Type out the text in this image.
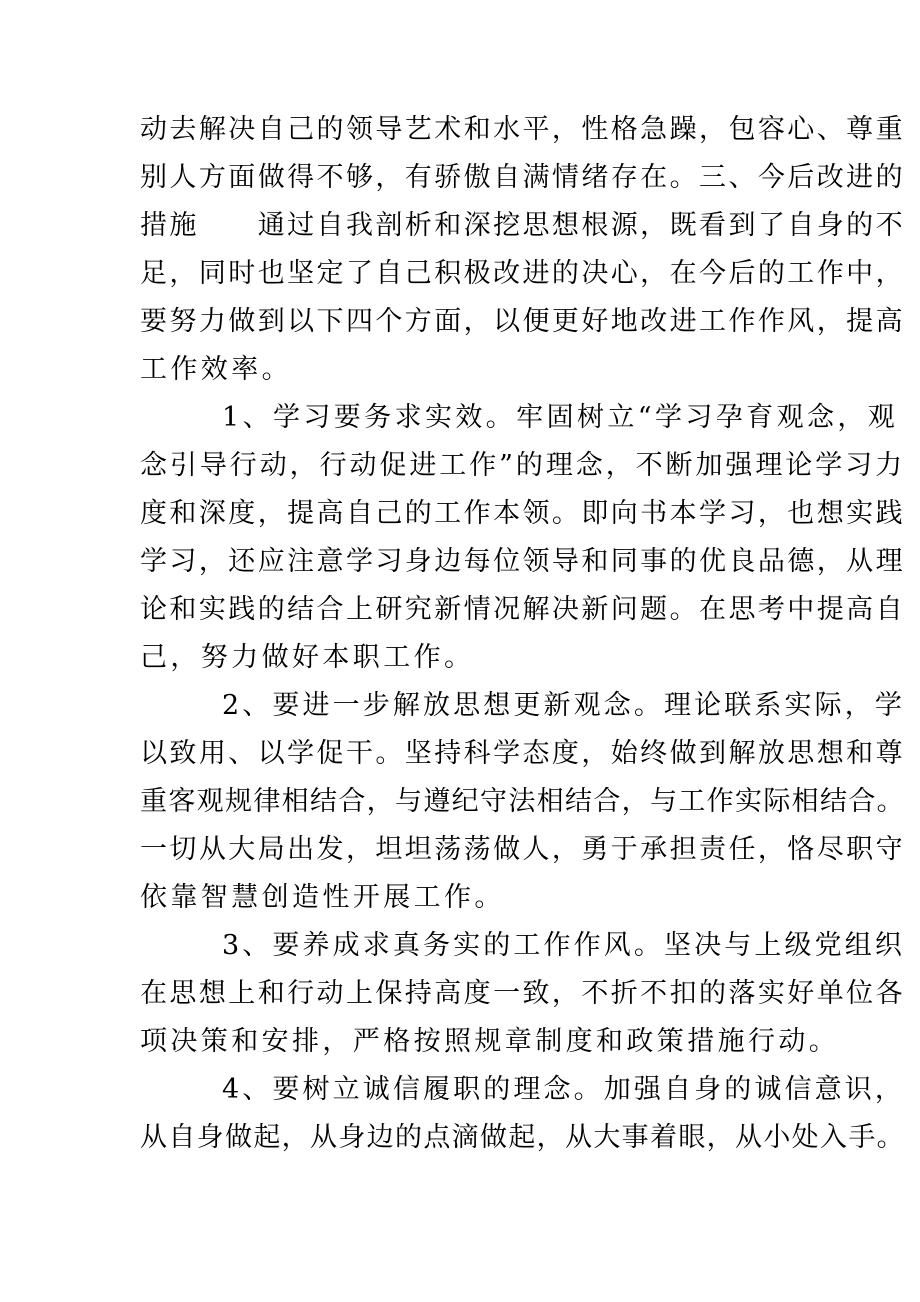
动去解决自己的领导艺术和水平，性格急躁，包容心、尊重
别人方面做得不够，有骄傲自满情绪存在。三、今后改进的
措施　　通过自我剖析和深挖思想根源，既看到了自身的不
足，同时也坚定了自己积极改进的决心，在今后的工作中，
要努力做到以下四个方面，以便更好地改进工作作风，提高
工作效率。
1、学习要务求实效。牢固树立“学习孕育观念，观
念引导行动，行动促进工作”的理念，不断加强理论学习力
度和深度，提高自己的工作本领。即向书本学习，也想实践
学习，还应注意学习身边每位领导和同事的优良品德，从理
论和实践的结合上研究新情况解决新问题。在思考中提高自
己，努力做好本职工作。
2、要进一步解放思想更新观念。理论联系实际，学
以致用、以学促干。坚持科学态度，始终做到解放思想和尊
重客观规律相结合，与遵纪守法相结合，与工作实际相结合。
一切从大局出发，坦坦荡荡做人，勇于承担责任，恪尽职守
依靠智慧创造性开展工作。
3、要养成求真务实的工作作风。坚决与上级党组织
在思想上和行动上保持高度一致，不折不扣的落实好单位各
项决策和安排，严格按照规章制度和政策措施行动。
4、要树立诚信履职的理念。加强自身的诚信意识，
从自身做起，从身边的点滴做起，从大事着眼，从小处入手。
